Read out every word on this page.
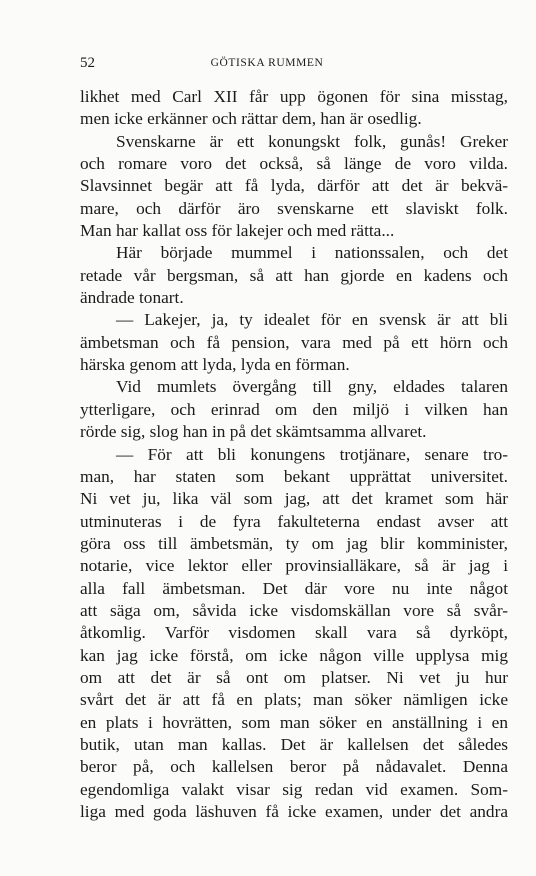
52	GÖTISKA RUMMEN
likhet med Carl XII får upp ögonen för sina misstag,
men icke erkänner och rättar dem, han är osedlig.
Svenskarne är ett konungskt folk, gunås! Greker
och romare voro det också, så länge de voro vilda.
Slavsinnet begär att få lyda, därför att det är bekvä-
mare, och därför äro svenskarne ett slaviskt folk.
Man har kallat oss för lakejer och med rätta...
Här började mummel i nationssalen, och det
retade vår bergsman, så att han gjorde en kadens och
ändrade tonart.
— Lakejer, ja, ty idealet för en svensk är att bli
ämbetsman och få pension, vara med på ett hörn och
härska genom att lyda, lyda en förman.
Vid mumlets övergång till gny, eldades talaren
ytterligare, och erinrad om den miljö i vilken han
rörde sig, slog han in på det skämtsamma allvaret.
— För att bli konungens trotjänare, senare tro-
man, har staten som bekant upprättat universitet.
Ni vet ju, lika väl som jag, att det kramet som här
utminuteras i de fyra fakulteterna endast avser att
göra oss till ämbetsmän, ty om jag blir komminister,
notarie, vice lektor eller provinsialläkare, så är jag i
alla fall ämbetsman. Det där vore nu inte något
att säga om, såvida icke visdomskällan vore så svår-
åtkomlig. Varför visdomen skall vara så dyrköpt,
kan jag icke förstå, om icke någon ville upplysa mig
om att det är så ont om platser. Ni vet ju hur
svårt det är att få en plats; man söker nämligen icke
en plats i hovrätten, som man söker en anställning i en
butik, utan man kallas. Det är kallelsen det således
beror på, och kallelsen beror på nådavalet. Denna
egendomliga valakt visar sig redan vid examen. Som-
liga med goda läshuven få icke examen, under det andra
